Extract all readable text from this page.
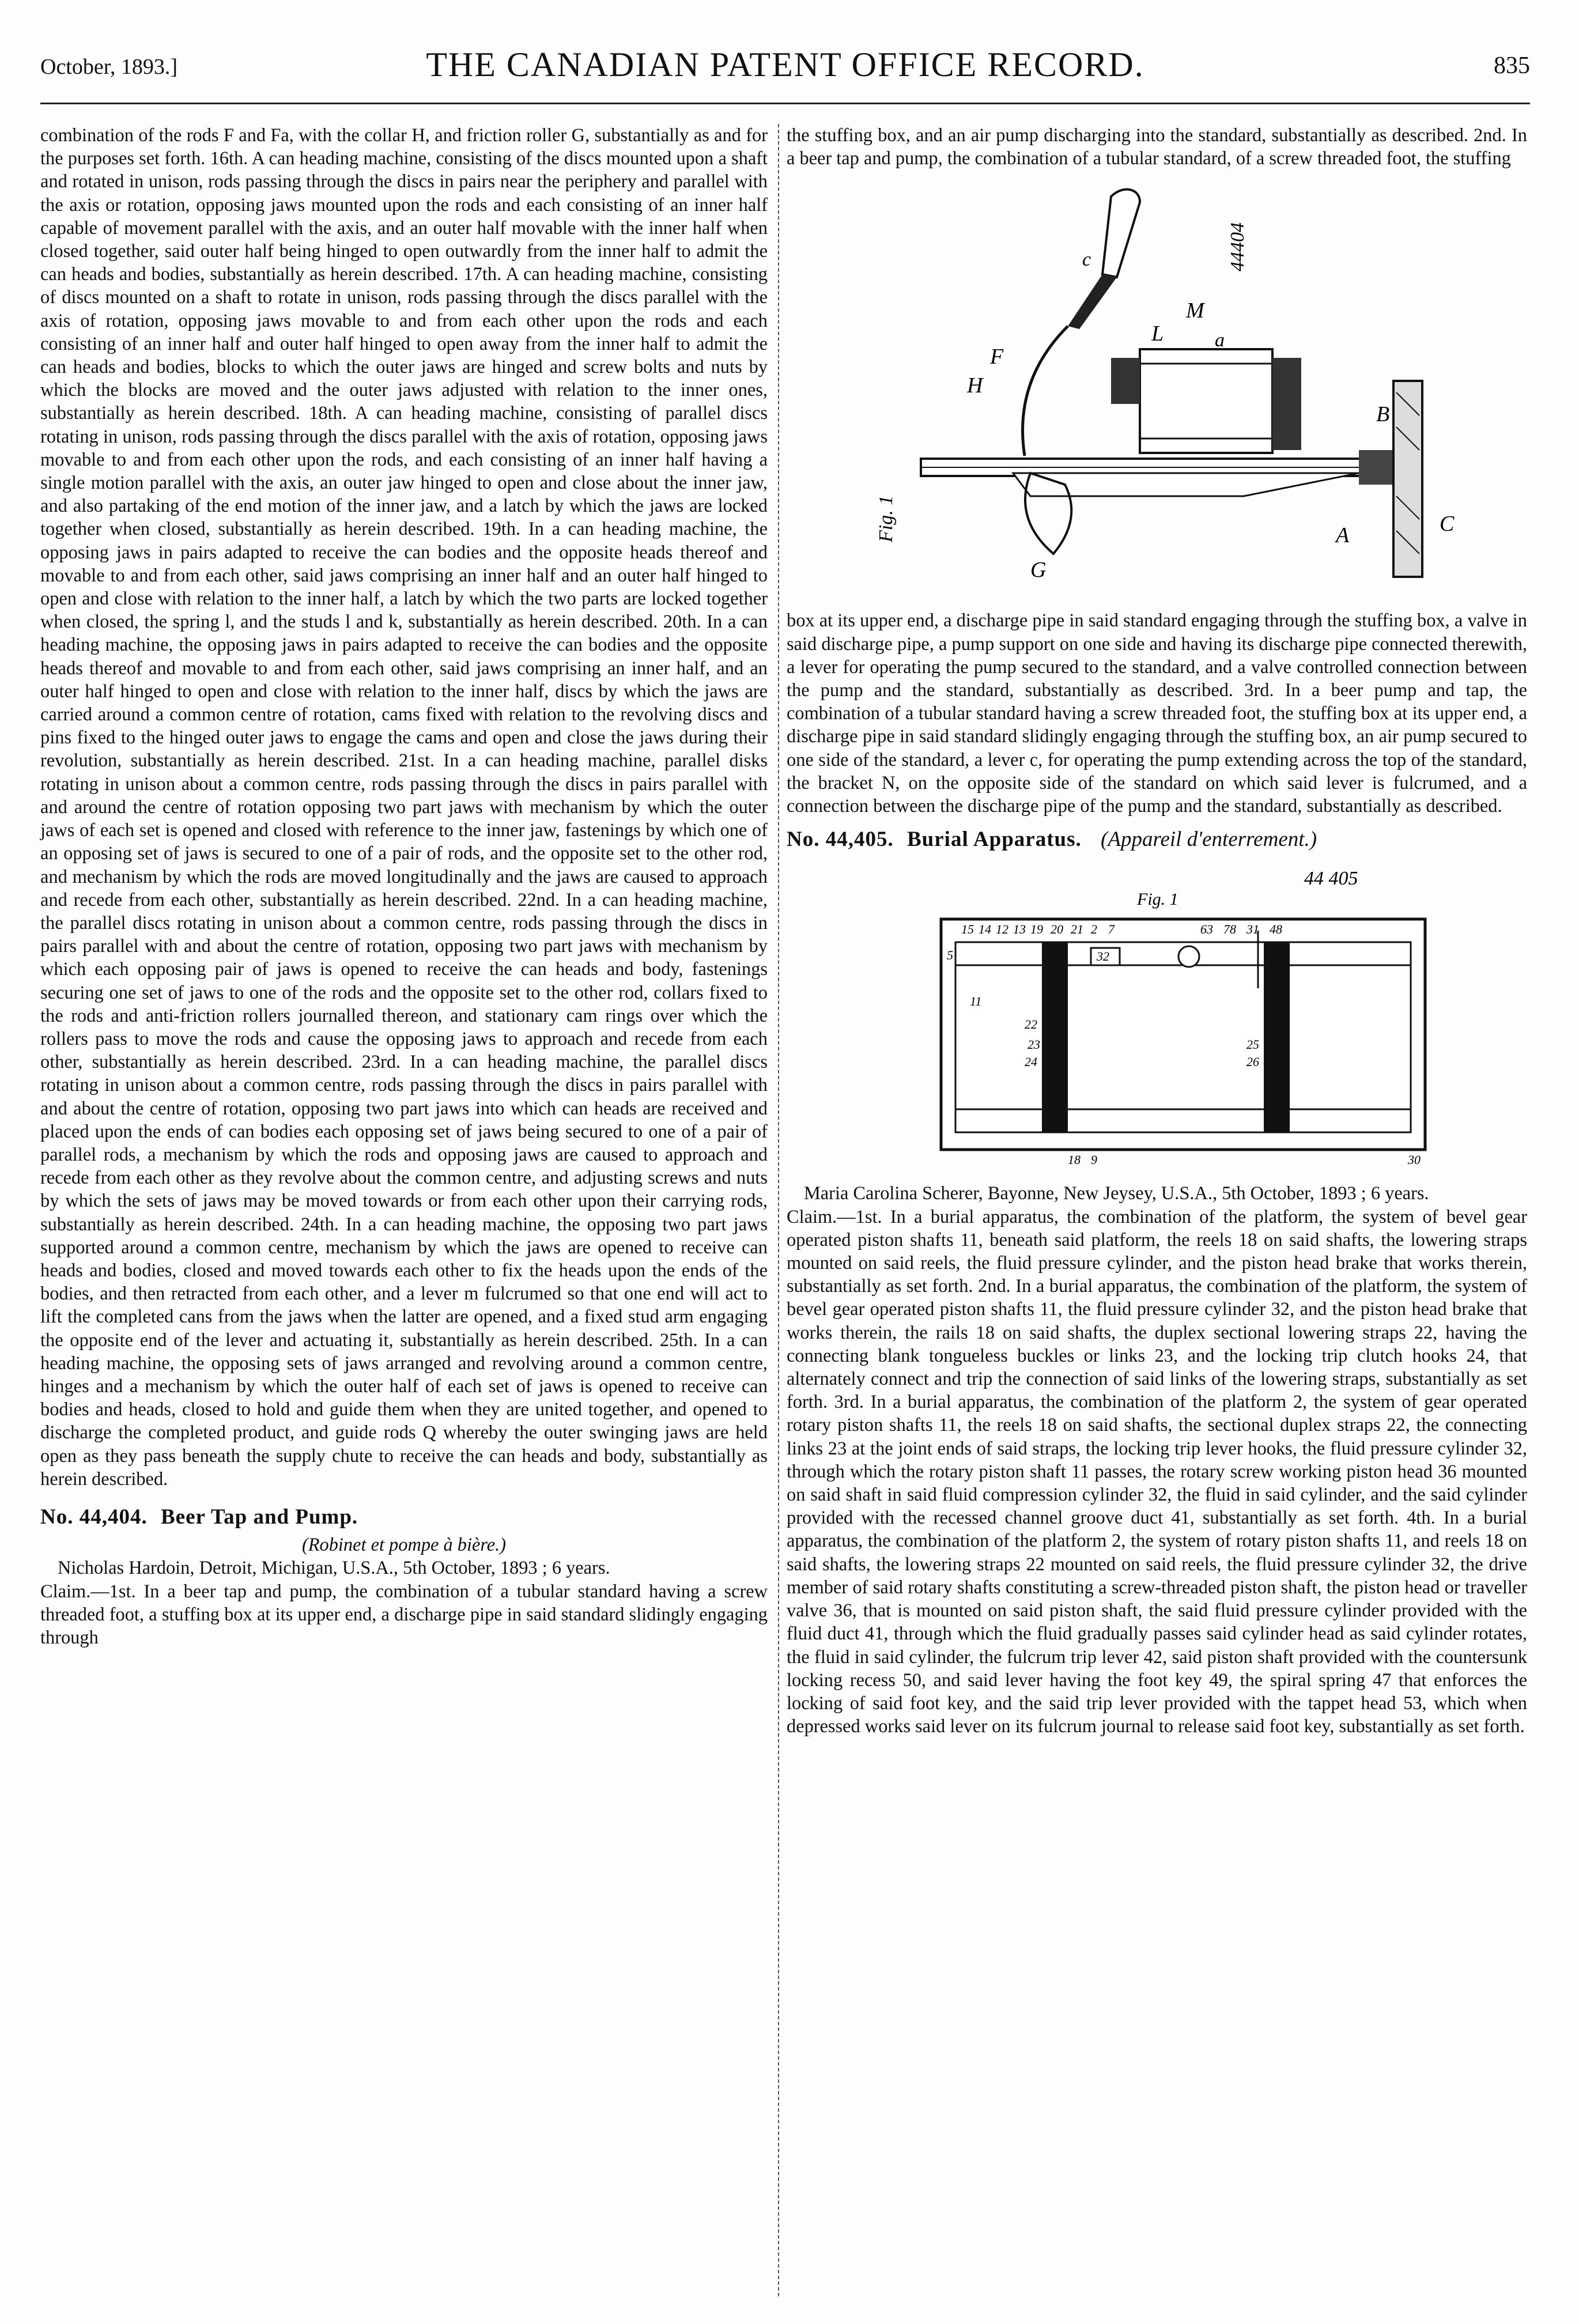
October, 1893.]	THE CANADIAN PATENT OFFICE RECORD.	835

combination of the rods F and Fa, with the collar H, and friction roller G, substantially as and for the purposes set forth. 16th. A can heading machine, consisting of the discs mounted upon a shaft and rotated in unison, rods passing through the discs in pairs near the periphery and parallel with the axis or rotation, opposing jaws mounted upon the rods and each consisting of an inner half capable of movement parallel with the axis, and an outer half movable with the inner half when closed together, said outer half being hinged to open outwardly from the inner half to admit the can heads and bodies, substantially as herein described. 17th. A can heading machine, consisting of discs mounted on a shaft to rotate in unison, rods passing through the discs parallel with the axis of rotation, opposing jaws movable to and from each other upon the rods and each consisting of an inner half and outer half hinged to open away from the inner half to admit the can heads and bodies, blocks to which the outer jaws are hinged and screw bolts and nuts by which the blocks are moved and the outer jaws adjusted with relation to the inner ones, substantially as herein described. 18th. A can heading machine, consisting of parallel discs rotating in unison, rods passing through the discs parallel with the axis of rotation, opposing jaws movable to and from each other upon the rods, and each consisting of an inner half having a single motion parallel with the axis, an outer jaw hinged to open and close about the inner jaw, and also partaking of the end motion of the inner jaw, and a latch by which the jaws are locked together when closed, substantially as herein described. 19th. In a can heading machine, the opposing jaws in pairs adapted to receive the can bodies and the opposite heads thereof and movable to and from each other, said jaws comprising an inner half and an outer half hinged to open and close with relation to the inner half, a latch by which the two parts are locked together when closed, the spring l, and the studs l and k, substantially as herein described. 20th. In a can heading machine, the opposing jaws in pairs adapted to receive the can bodies and the opposite heads thereof and movable to and from each other, said jaws comprising an inner half, and an outer half hinged to open and close with relation to the inner half, discs by which the jaws are carried around a common centre of rotation, cams fixed with relation to the revolving discs and pins fixed to the hinged outer jaws to engage the cams and open and close the jaws during their revolution, substantially as herein described. 21st. In a can heading machine, parallel disks rotating in unison about a common centre, rods passing through the discs in pairs parallel with and around the centre of rotation opposing two part jaws with mechanism by which the outer jaws of each set is opened and closed with reference to the inner jaw, fastenings by which one of an opposing set of jaws is secured to one of a pair of rods, and the opposite set to the other rod, and mechanism by which the rods are moved longitudinally and the jaws are caused to approach and recede from each other, substantially as herein described. 22nd. In a can heading machine, the parallel discs rotating in unison about a common centre, rods passing through the discs in pairs parallel with and about the centre of rotation, opposing two part jaws with mechanism by which each opposing pair of jaws is opened to receive the can heads and body, fastenings securing one set of jaws to one of the rods and the opposite set to the other rod, collars fixed to the rods and anti-friction rollers journalled thereon, and stationary cam rings over which the rollers pass to move the rods and cause the opposing jaws to approach and recede from each other, substantially as herein described. 23rd. In a can heading machine, the parallel discs rotating in unison about a common centre, rods passing through the discs in pairs parallel with and about the centre of rotation, opposing two part jaws into which can heads are received and placed upon the ends of can bodies each opposing set of jaws being secured to one of a pair of parallel rods, a mechanism by which the rods and opposing jaws are caused to approach and recede from each other as they revolve about the common centre, and adjusting screws and nuts by which the sets of jaws may be moved towards or from each other upon their carrying rods, substantially as herein described. 24th. In a can heading machine, the opposing two part jaws supported around a common centre, mechanism by which the jaws are opened to receive can heads and bodies, closed and moved towards each other to fix the heads upon the ends of the bodies, and then retracted from each other, and a lever m fulcrumed so that one end will act to lift the completed cans from the jaws when the latter are opened, and a fixed stud arm engaging the opposite end of the lever and actuating it, substantially as herein described. 25th. In a can heading machine, the opposing sets of jaws arranged and revolving around a common centre, hinges and a mechanism by which the outer half of each set of jaws is opened to receive can bodies and heads, closed to hold and guide them when they are united together, and opened to discharge the completed product, and guide rods Q whereby the outer swinging jaws are held open as they pass beneath the supply chute to receive the can heads and body, substantially as herein described.

No. 44,404. Beer Tap and Pump.

(Robinet et pompe à bière.)

Nicholas Hardoin, Detroit, Michigan, U.S.A., 5th October, 1893 ; 6 years.

Claim.—1st. In a beer tap and pump, the combination of a tubular standard having a screw threaded foot, a stuffing box at its upper end, a discharge pipe in said standard slidingly engaging through

the stuffing box, and an air pump discharging into the standard, substantially as described. 2nd. In a beer tap and pump, the combination of a tubular standard, of a screw threaded foot, the stuffing

44404
Fig. 1	A
B
C
M
L
H
F
G
a
c

box at its upper end, a discharge pipe in said standard engaging through the stuffing box, a valve in said discharge pipe, a pump support on one side and having its discharge pipe connected therewith, a lever for operating the pump secured to the standard, and a valve controlled connection between the pump and the standard, substantially as described. 3rd. In a beer pump and tap, the combination of a tubular standard having a screw threaded foot, the stuffing box at its upper end, a discharge pipe in said standard slidingly engaging through the stuffing box, an air pump secured to one side of the standard, a lever c, for operating the pump extending across the top of the standard, the bracket N, on the opposite side of the standard on which said lever is fulcrumed, and a connection between the discharge pipe of the pump and the standard, substantially as described.

No. 44,405. Burial Apparatus. (Appareil d'enterrement.)
44 405
Fig. 1
15 14 12 13 19 20 21 2 7
32
63 78 31 48
5
11
22
23
24
25
26
18 9	30

Maria Carolina Scherer, Bayonne, New Jeysey, U.S.A., 5th October, 1893 ; 6 years.

Claim.—1st. In a burial apparatus, the combination of the platform, the system of bevel gear operated piston shafts 11, beneath said platform, the reels 18 on said shafts, the lowering straps mounted on said reels, the fluid pressure cylinder, and the piston head brake that works therein, substantially as set forth. 2nd. In a burial apparatus, the combination of the platform, the system of bevel gear operated piston shafts 11, the fluid pressure cylinder 32, and the piston head brake that works therein, the rails 18 on said shafts, the duplex sectional lowering straps 22, having the connecting blank tongueless buckles or links 23, and the locking trip clutch hooks 24, that alternately connect and trip the connection of said links of the lowering straps, substantially as set forth. 3rd. In a burial apparatus, the combination of the platform 2, the system of gear operated rotary piston shafts 11, the reels 18 on said shafts, the sectional duplex straps 22, the connecting links 23 at the joint ends of said straps, the locking trip lever hooks, the fluid pressure cylinder 32, through which the rotary piston shaft 11 passes, the rotary screw working piston head 36 mounted on said shaft in said fluid compression cylinder 32, the fluid in said cylinder, and the said cylinder provided with the recessed channel groove duct 41, substantially as set forth. 4th. In a burial apparatus, the combination of the platform 2, the system of rotary piston shafts 11, and reels 18 on said shafts, the lowering straps 22 mounted on said reels, the fluid pressure cylinder 32, the drive member of said rotary shafts constituting a screw-threaded piston shaft, the piston head or traveller valve 36, that is mounted on said piston shaft, the said fluid pressure cylinder provided with the fluid duct 41, through which the fluid gradually passes said cylinder head as said cylinder rotates, the fluid in said cylinder, the fulcrum trip lever 42, said piston shaft provided with the countersunk locking recess 50, and said lever having the foot key 49, the spiral spring 47 that enforces the locking of said foot key, and the said trip lever provided with the tappet head 53, which when depressed works said lever on its fulcrum journal to release said foot key, substantially as set forth.
